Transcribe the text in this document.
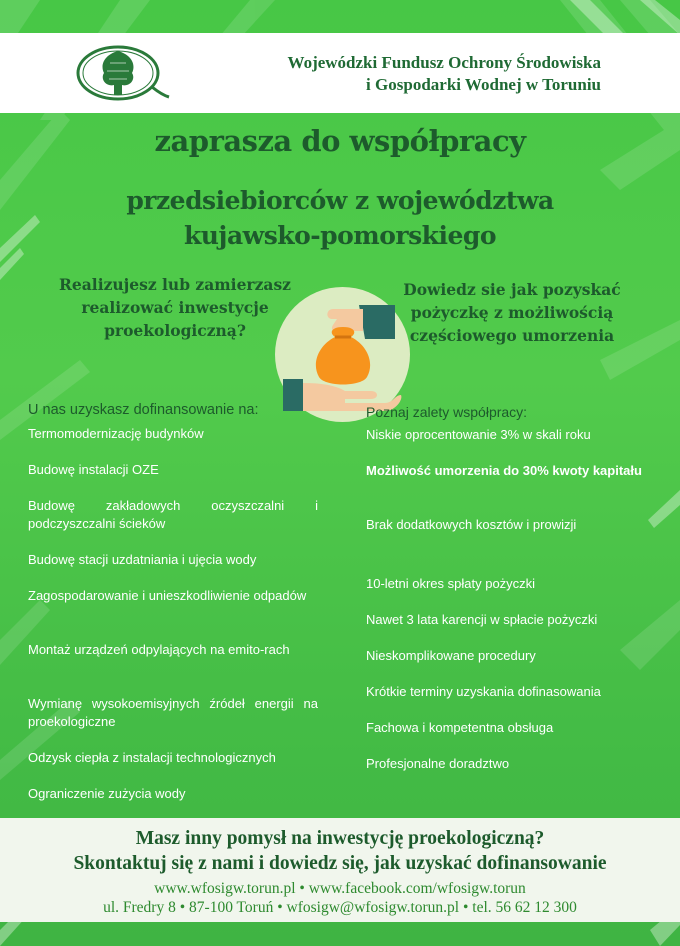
Wojewódzki Fundusz Ochrony Środowiska
i Gospodarki Wodnej w Toruniu
zaprasza do współpracy
przedsiebiorców z województwa
kujawsko-pomorskiego
Realizujesz lub zamierzasz
realizować inwestycje
proekologiczną?
Dowiedz sie jak pozyskać
pożyczkę z możliwością
częściowego umorzenia
U nas uzyskasz dofinansowanie na:	Poznaj zalety współpracy:
Termomodernizację budynków
Budowę instalacji OZE
Budowę zakładowych oczyszczalni i podczyszczalni ścieków
Budowę stacji uzdatniania i ujęcia wody
Zagospodarowanie i unieszkodliwienie odpadów
Montaż urządzeń odpylających na emito-rach
Wymianę wysokoemisyjnych źródeł energii na proekologiczne
Odzysk ciepła z instalacji technologicznych
Ograniczenie zużycia wody
Niskie oprocentowanie 3% w skali roku
Możliwość umorzenia do 30% kwoty kapitału
Brak dodatkowych kosztów i prowizji
10-letni okres spłaty pożyczki
Nawet 3 lata karencji w spłacie pożyczki
Nieskomplikowane procedury
Krótkie terminy uzyskania dofinasowania
Fachowa i kompetentna obsługa
Profesjonalne doradztwo
Masz inny pomysł na inwestycję proekologiczną?
Skontaktuj się z nami i dowiedz się, jak uzyskać dofinansowanie
www.wfosigw.torun.pl • www.facebook.com/wfosigw.torun
ul. Fredry 8 • 87-100 Toruń • wfosigw@wfosigw.torun.pl • tel. 56 62 12 300
